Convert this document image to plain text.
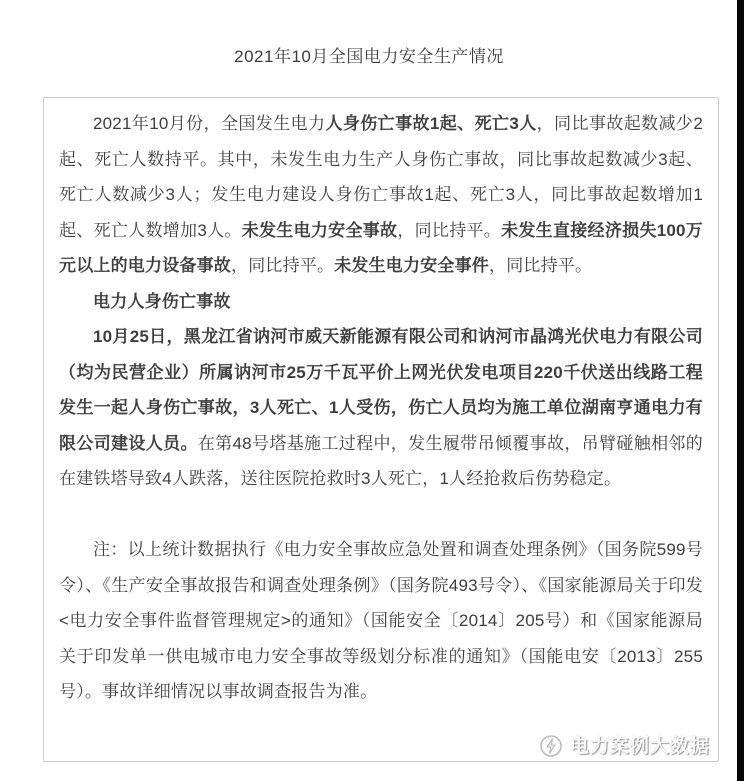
2021年10月全国电力安全生产情况

2021年10月份，全国发生电力人身伤亡事故1起、死亡3人，同比事故起数减少2起、死亡人数持平。其中，未发生电力生产人身伤亡事故，同比事故起数减少3起、死亡人数减少3人；发生电力建设人身伤亡事故1起、死亡3人，同比事故起数增加1起、死亡人数增加3人。未发生电力安全事故，同比持平。未发生直接经济损失100万元以上的电力设备事故，同比持平。未发生电力安全事件，同比持平。

电力人身伤亡事故

10月25日，黑龙江省讷河市威天新能源有限公司和讷河市晶鸿光伏电力有限公司（均为民营企业）所属讷河市25万千瓦平价上网光伏发电项目220千伏送出线路工程发生一起人身伤亡事故，3人死亡、1人受伤，伤亡人员均为施工单位湖南亨通电力有限公司建设人员。在第48号塔基施工过程中，发生履带吊倾覆事故，吊臂碰触相邻的在建铁塔导致4人跌落，送往医院抢救时3人死亡，1人经抢救后伤势稳定。

注：以上统计数据执行《电力安全事故应急处置和调查处理条例》（国务院599号令）、《生产安全事故报告和调查处理条例》（国务院493号令）、《国家能源局关于印发<电力安全事件监督管理规定>的通知》（国能安全〔2014〕205号）和《国家能源局关于印发单一供电城市电力安全事故等级划分标准的通知》（国能电安〔2013〕255号）。事故详细情况以事故调查报告为准。

电力案例大数据
